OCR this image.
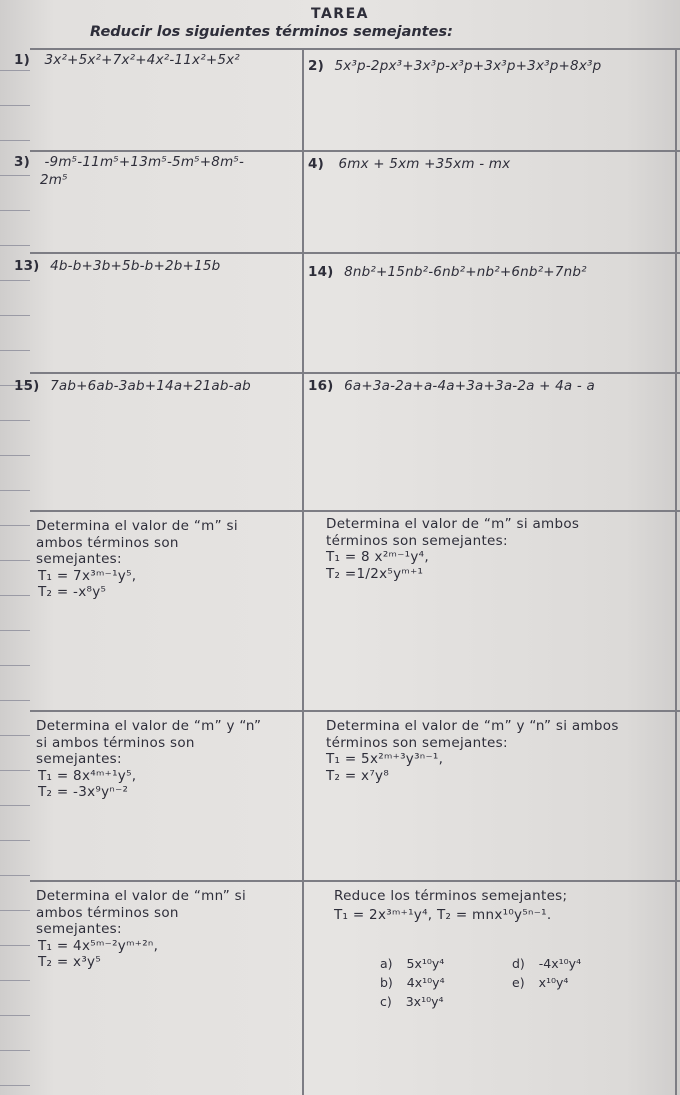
TAREA
Reducir los siguientes términos semejantes:
1) 3x²+5x²+7x²+4x²-11x²+5x²	2) 5x³p-2px³+3x³p-x³p+3x³p+3x³p+8x³p
3) -9m⁵-11m⁵+13m⁵-5m⁵+8m⁵-
2m⁵
4) 6mx + 5xm +35xm - mx
13) 4b-b+3b+5b-b+2b+15b	14) 8nb²+15nb²-6nb²+nb²+6nb²+7nb²
15) 7ab+6ab-3ab+14a+21ab-ab	16) 6a+3a-2a+a-4a+3a+3a-2a + 4a - a
Determina el valor de “m” si
ambos términos son
semejantes:
T₁ = 7x³ᵐ⁻¹y⁵,
T₂ = -x⁸y⁵
Determina el valor de “m” si ambos
términos son semejantes:
T₁ = 8 x²ᵐ⁻¹y⁴,
T₂ =1/2x⁵yᵐ⁺¹
Determina el valor de “m” y “n”
si ambos términos son
semejantes:
T₁ = 8x⁴ᵐ⁺¹y⁵,
T₂ = -3x⁹yⁿ⁻²
Determina el valor de “m” y “n” si ambos
términos son semejantes:
T₁ = 5x²ᵐ⁺³y³ⁿ⁻¹,
T₂ = x⁷y⁸
Determina el valor de “mn” si
ambos términos son
semejantes:
T₁ = 4x⁵ᵐ⁻²yᵐ⁺²ⁿ,
T₂ = x³y⁵
Reduce los términos semejantes;
T₁ = 2x³ᵐ⁺¹y⁴, T₂ = mnx¹⁰y⁵ⁿ⁻¹.
a) 5x¹⁰y⁴
b) 4x¹⁰y⁴
c) 3x¹⁰y⁴
d) -4x¹⁰y⁴
e) x¹⁰y⁴
